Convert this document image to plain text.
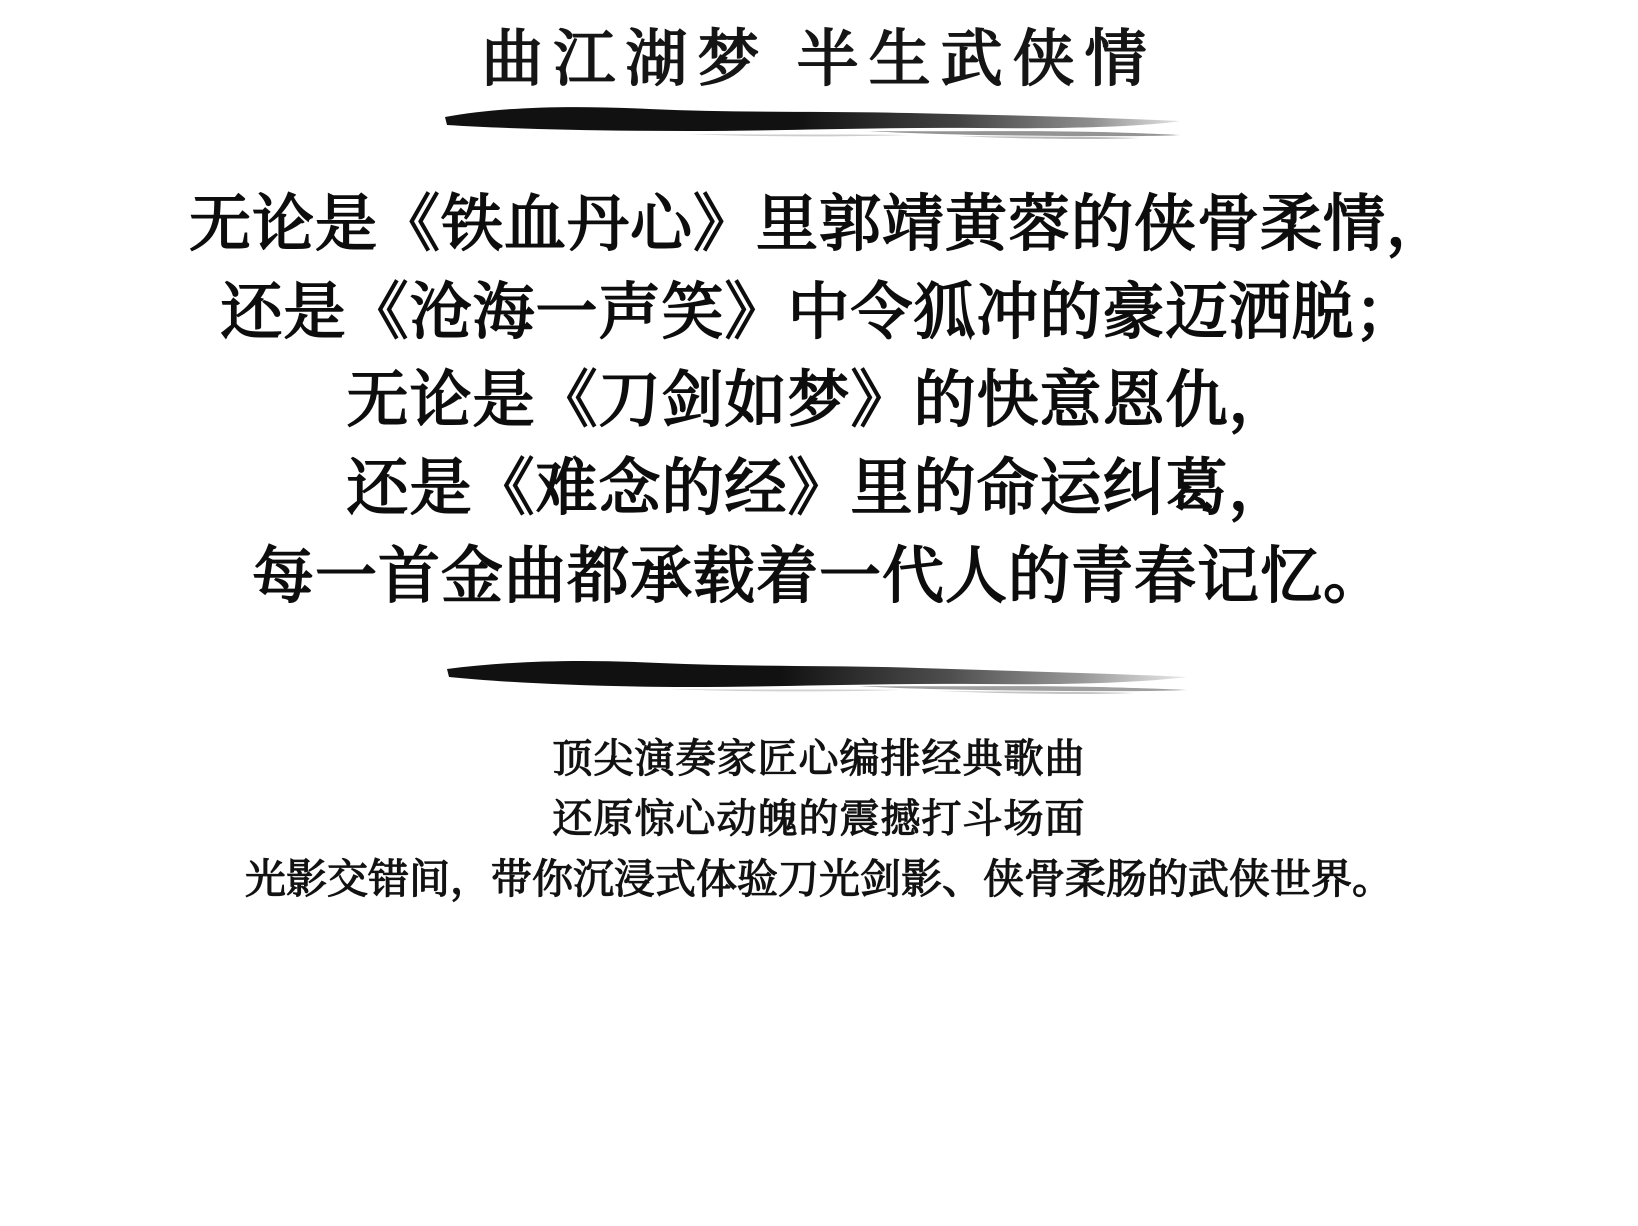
曲江湖梦 半生武侠情
无论是《铁血丹心》里郭靖黄蓉的侠骨柔情，
还是《沧海一声笑》中令狐冲的豪迈洒脱；
无论是《刀剑如梦》的快意恩仇，
还是《难念的经》里的命运纠葛，
每一首金曲都承载着一代人的青春记忆。
顶尖演奏家匠心编排经典歌曲
还原惊心动魄的震撼打斗场面
光影交错间，带你沉浸式体验刀光剑影、侠骨柔肠的武侠世界。
